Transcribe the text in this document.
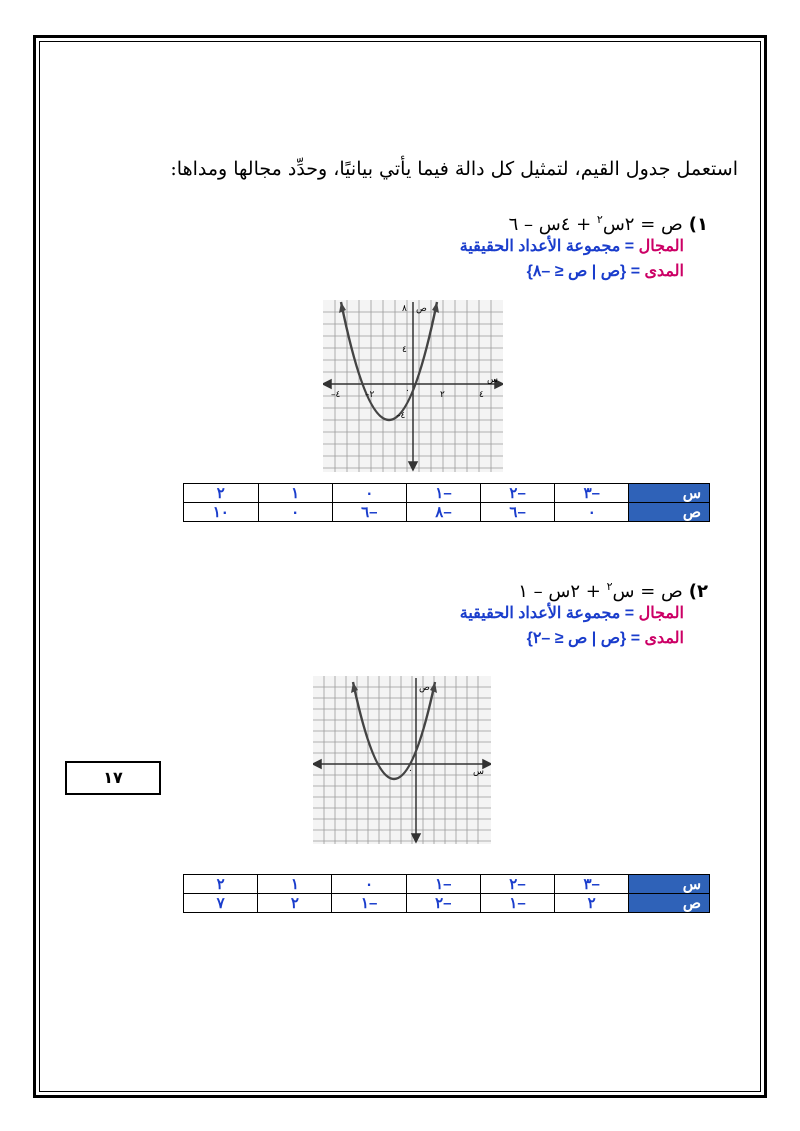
استعمل جدول القيم، لتمثيل كل دالة فيما يأتي بيانيًا، وحدِّد مجالها ومداها:
١)ص = ٢س$^٢$ + ٤س – ٦
المجال = مجموعة الأعداد الحقيقية
المدى = {ص | ص ≤ –٨}
ص
٨
٤
–٤
س
–٤	–٢	٢	٤
٠
س	–٣	–٢	–١	٠	١	٢
ص	٠	–٦	–٨	–٦	٠	١٠
٢)ص = س$^٢$ + ٢س – ١
المجال = مجموعة الأعداد الحقيقية
المدى = {ص | ص ≤ –٢}
ص
س
٠
س	–٣	–٢	–١	٠	١	٢
ص	٢	–١	–٢	–١	٢	٧
١٧
